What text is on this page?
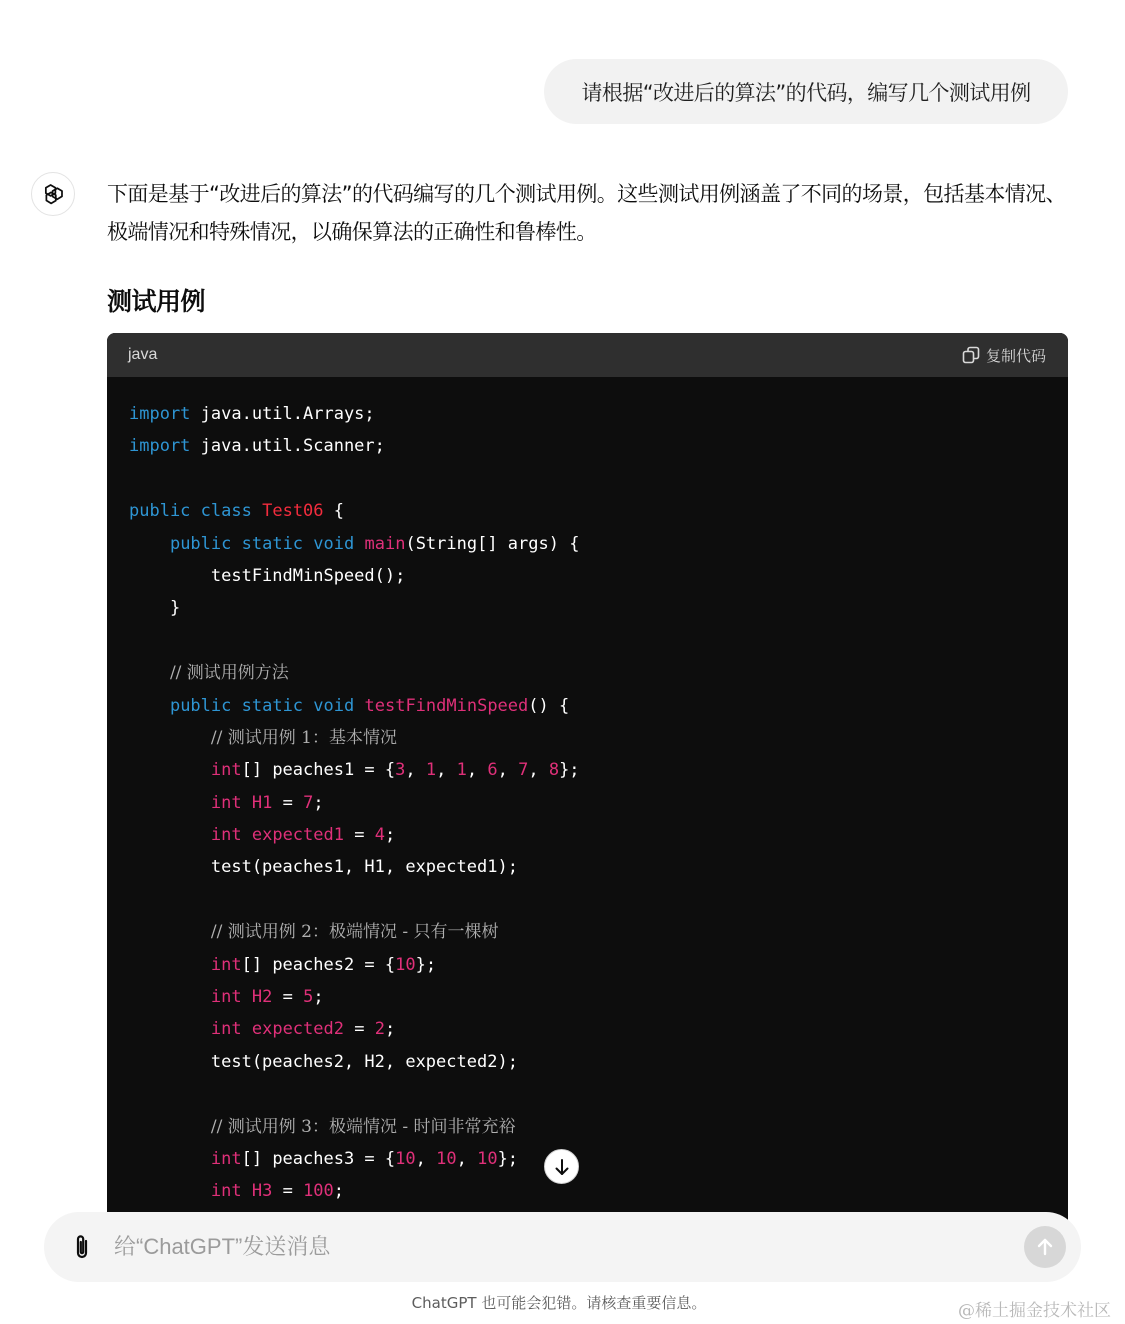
请根据“改进后的算法”的代码，编写几个测试用例

下面是基于“改进后的算法”的代码编写的几个测试用例。这些测试用例涵盖了不同的场景，包括基本情况、极端情况和特殊情况，以确保算法的正确性和鲁棒性。

测试用例
java	复制代码
import java.util.Arrays;
import java.util.Scanner;
public class Test06 {
public static void main(String[] args) {
testFindMinSpeed();
}
// 测试用例方法
public static void testFindMinSpeed() {
// 测试用例 1：基本情况
int[] peaches1 = {3, 1, 1, 6, 7, 8};
int H1 = 7;
int expected1 = 4;
test(peaches1, H1, expected1);
// 测试用例 2：极端情况 - 只有一棵树
int[] peaches2 = {10};
int H2 = 5;
int expected2 = 2;
test(peaches2, H2, expected2);
// 测试用例 3：极端情况 - 时间非常充裕
int[] peaches3 = {10, 10, 10};
int H3 = 100;
给“ChatGPT”发送消息
ChatGPT 也可能会犯错。请核查重要信息。	@稀土掘金技术社区
